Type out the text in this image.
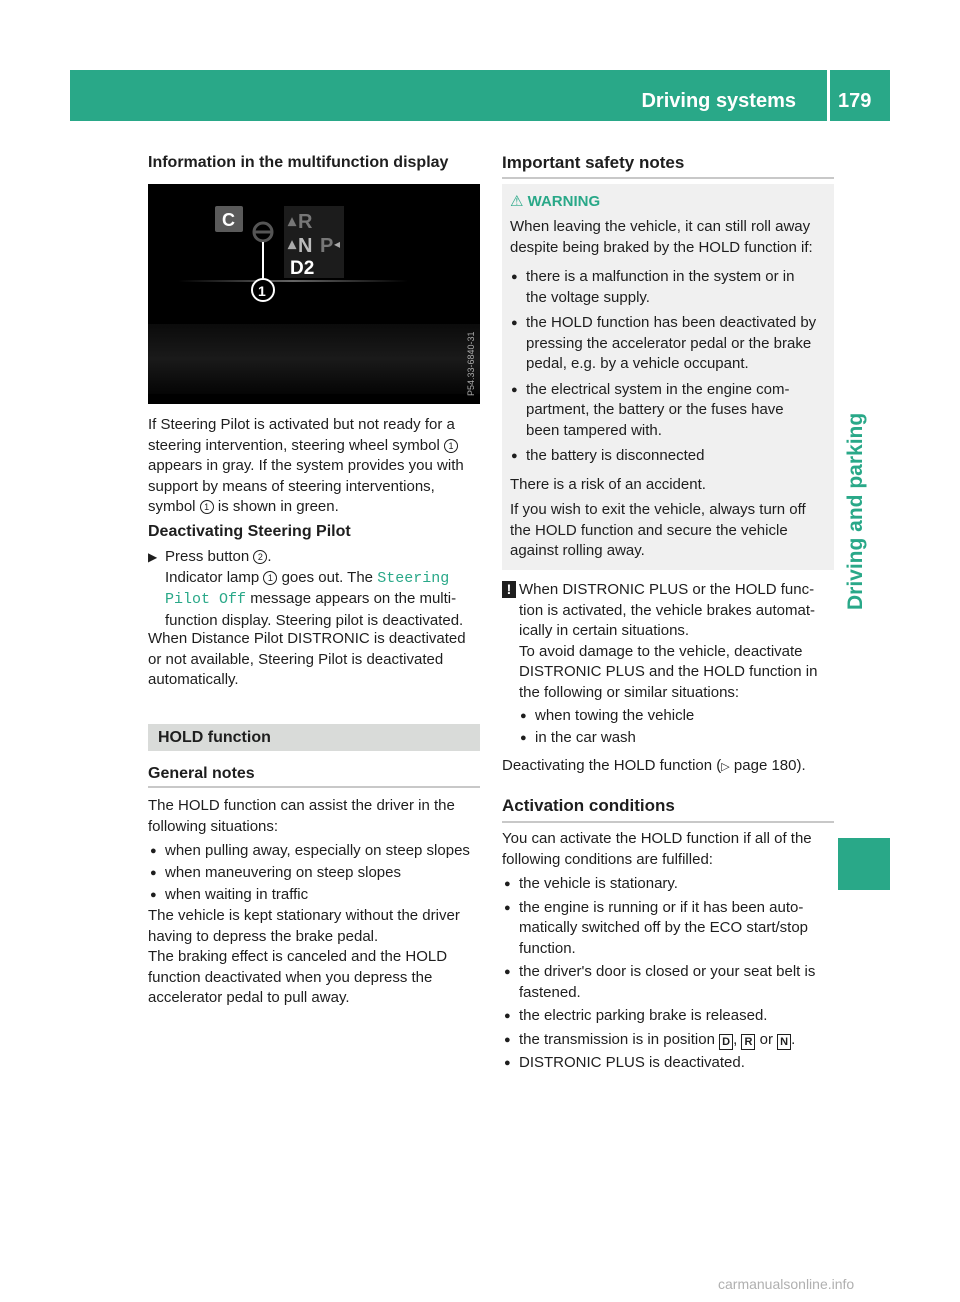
Driving systems	179
Driving and parking
Information in the multifunction display
C	▴ R
▴ N P ◂
D2
1
P54.33-6840-31
If Steering Pilot is activated but not ready for a
steering intervention, steering wheel symbol 1
appears in gray. If the system provides you with
support by means of steering interventions,
symbol 1 is shown in green.
Deactivating Steering Pilot
▶ Press button 2 .
Indicator lamp 1 goes out. The Steering
Pilot Off message appears on the multi-
function display. Steering pilot is deactivated.
When Distance Pilot DISTRONIC is deactivated
or not available, Steering Pilot is deactivated
automatically.
HOLD function
General notes
The HOLD function can assist the driver in the
following situations:
● when pulling away, especially on steep slopes
● when maneuvering on steep slopes
● when waiting in traffic
The vehicle is kept stationary without the driver
having to depress the brake pedal.
The braking effect is canceled and the HOLD
function deactivated when you depress the
accelerator pedal to pull away.
Important safety notes
⚠ WARNING
When leaving the vehicle, it can still roll away
despite being braked by the HOLD function if:
● there is a malfunction in the system or in
the voltage supply.
● the HOLD function has been deactivated by
pressing the accelerator pedal or the brake
pedal, e.g. by a vehicle occupant.
● the electrical system in the engine com-
partment, the battery or the fuses have
been tampered with.
● the battery is disconnected
There is a risk of an accident.
If you wish to exit the vehicle, always turn off
the HOLD function and secure the vehicle
against rolling away.
! When DISTRONIC PLUS or the HOLD func-
tion is activated, the vehicle brakes automat-
ically in certain situations.
To avoid damage to the vehicle, deactivate
DISTRONIC PLUS and the HOLD function in
the following or similar situations:
● when towing the vehicle
● in the car wash
Deactivating the HOLD function (▷ page 180).
Activation conditions
You can activate the HOLD function if all of the
following conditions are fulfilled:
● the vehicle is stationary.
● the engine is running or if it has been auto-
matically switched off by the ECO start/stop
function.
● the driver's door is closed or your seat belt is
fastened.
● the electric parking brake is released.
● the transmission is in position D , R or N .
● DISTRONIC PLUS is deactivated.
carmanualsonline.info
